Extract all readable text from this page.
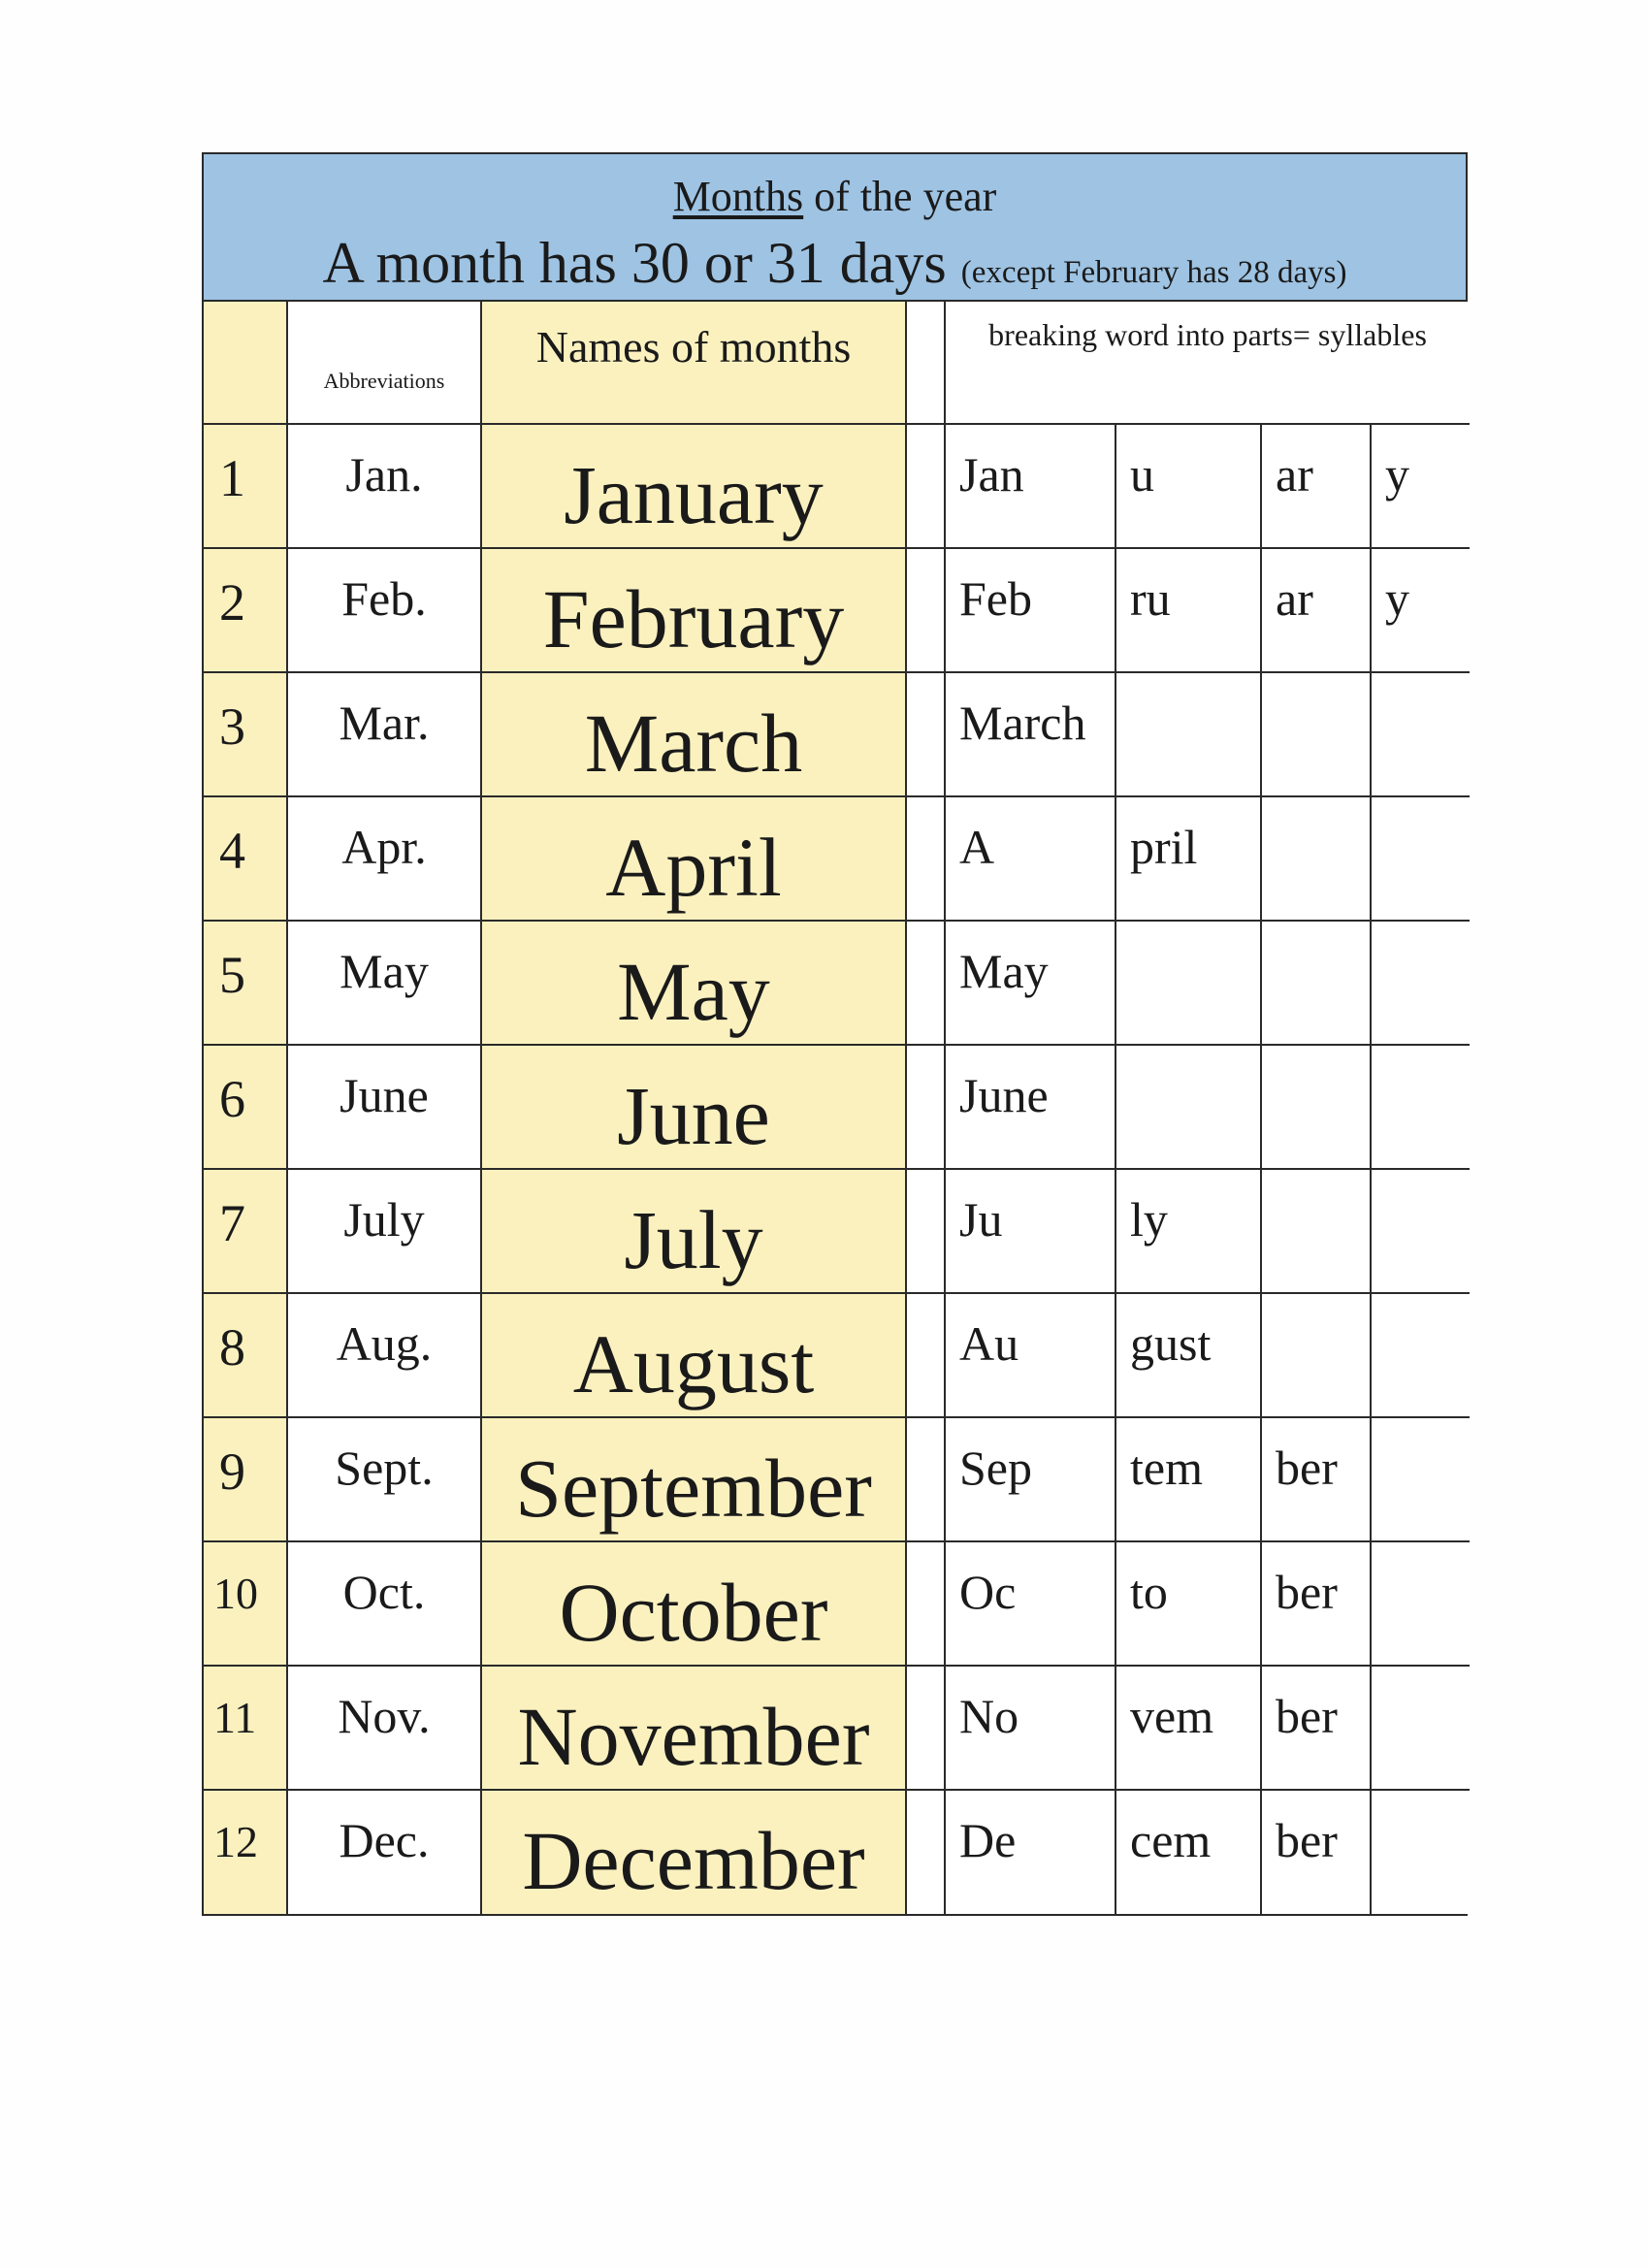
Months of the year
A month has 30 or 31 days (except February has 28 days)
	Abbreviations	Names of months		breaking word into parts= syllables			
1	Jan.	January		Jan	u	ar	y
2	Feb.	February		Feb	ru	ar	y
3	Mar.	March		March			
4	Apr.	April		A	pril		
5	May	May		May			
6	June	June		June			
7	July	July		Ju	ly		
8	Aug.	August		Au	gust		
9	Sept.	September		Sep	tem	ber	
10	Oct.	October		Oc	to	ber	
11	Nov.	November		No	vem	ber	
12	Dec.	December		De	cem	ber	
